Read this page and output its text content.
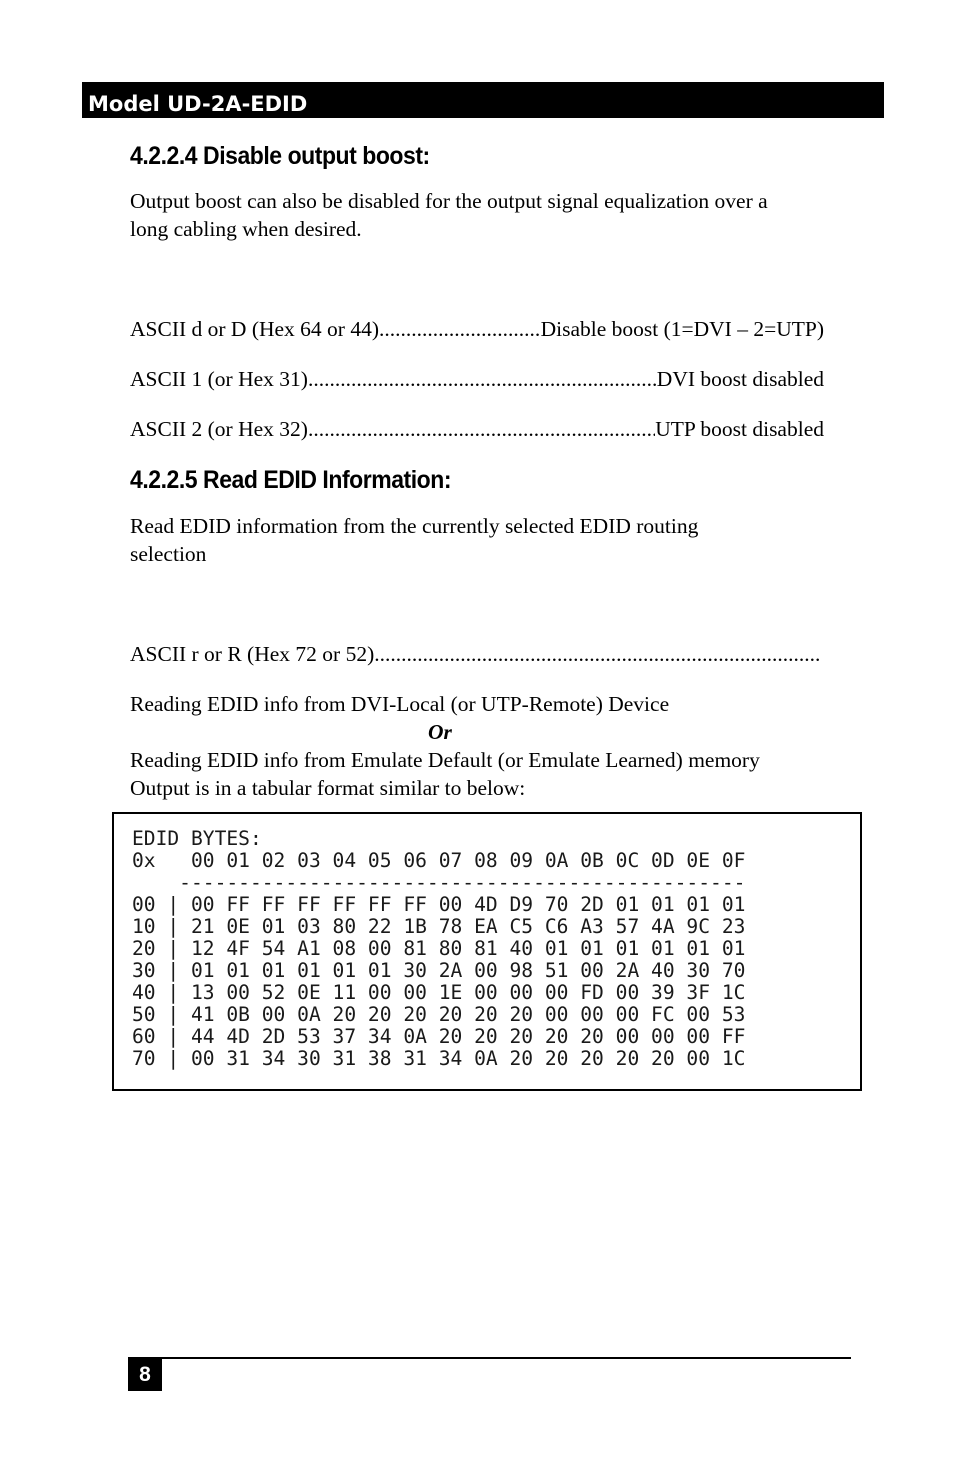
Model UD-2A-EDID
4.2.2.4 Disable output boost:
Output boost can also be disabled for the output signal equalization over a
long cabling when desired.
ASCII d or D (Hex 64 or 44) .....	Disable boost (1=DVI – 2=UTP)
ASCII 1 (or Hex 31) .....	DVI boost disabled
ASCII 2 (or Hex 32) .....	UTP boost disabled
4.2.2.5 Read EDID Information:
Read EDID information from the currently selected EDID routing
selection
ASCII r or R (Hex 72 or 52)
.....
Reading EDID info from DVI-Local (or UTP-Remote) Device
Or
Reading EDID info from Emulate Default (or Emulate Learned) memory
Output is in a tabular format similar to below:
EDID BYTES:
0x   00 01 02 03 04 05 06 07 08 09 0A 0B 0C 0D 0E 0F
------------------------------------------------
00 | 00 FF FF FF FF FF FF 00 4D D9 70 2D 01 01 01 01
10 | 21 0E 01 03 80 22 1B 78 EA C5 C6 A3 57 4A 9C 23
20 | 12 4F 54 A1 08 00 81 80 81 40 01 01 01 01 01 01
30 | 01 01 01 01 01 01 30 2A 00 98 51 00 2A 40 30 70
40 | 13 00 52 0E 11 00 00 1E 00 00 00 FD 00 39 3F 1C
50 | 41 0B 00 0A 20 20 20 20 20 20 00 00 00 FC 00 53
60 | 44 4D 2D 53 37 34 0A 20 20 20 20 20 00 00 00 FF
70 | 00 31 34 30 31 38 31 34 0A 20 20 20 20 20 00 1C
8
